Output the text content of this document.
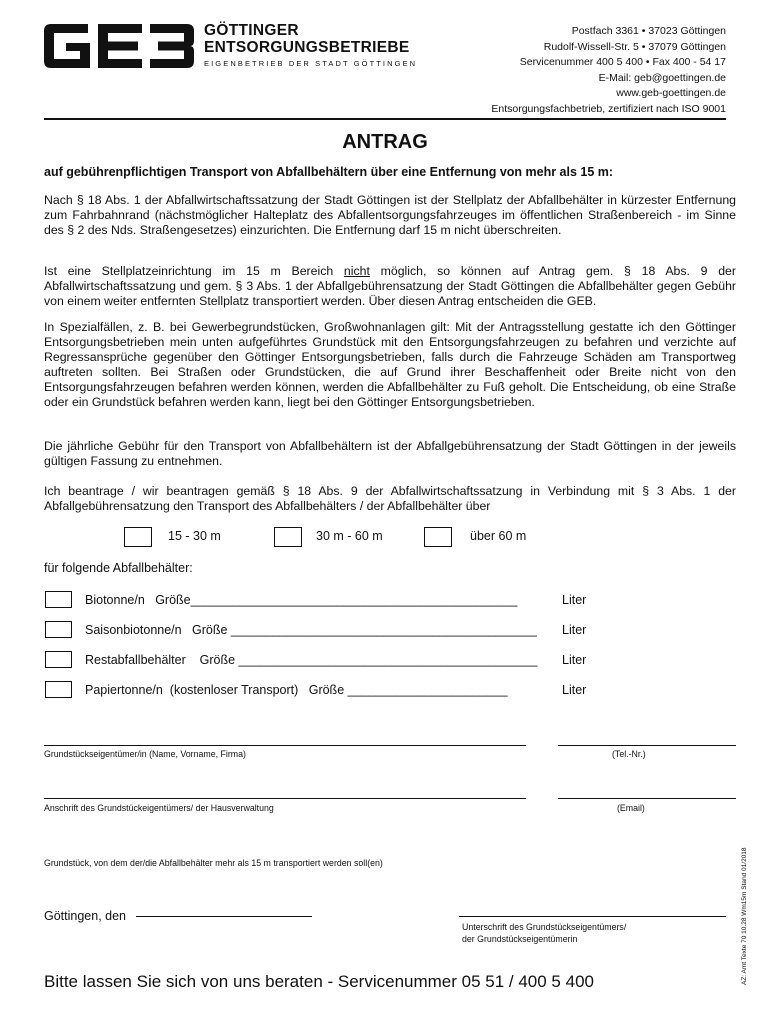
GÖTTINGER
ENTSORGUNGSBETRIEBE
EIGENBETRIEB DER STADT GÖTTINGEN
Postfach 3361 • 37023 Göttingen
Rudolf-Wissell-Str. 5 • 37079 Göttingen
Servicenummer 400 5 400 • Fax 400 - 54 17
E-Mail: geb@goettingen.de
www.geb-goettingen.de
Entsorgungsfachbetrieb, zertifiziert nach ISO 9001
ANTRAG
auf gebührenpflichtigen Transport von Abfallbehältern über eine Entfernung von mehr als 15 m:
Nach § 18 Abs. 1 der Abfallwirtschaftssatzung der Stadt Göttingen ist der Stellplatz der Abfallbehälter in kürzester Entfernung zum Fahrbahnrand (nächstmöglicher Halteplatz des Abfallentsorgungsfahrzeuges im öffentlichen Straßenbereich - im Sinne des § 2 des Nds. Straßengesetzes) einzurichten. Die Entfernung darf 15 m nicht überschreiten.
Ist eine Stellplatzeinrichtung im 15 m Bereich nicht möglich, so können auf Antrag gem. § 18 Abs. 9 der Abfallwirtschaftssatzung und gem. § 3 Abs. 1 der Abfallgebührensatzung der Stadt Göttingen die Abfallbehälter gegen Gebühr von einem weiter entfernten Stellplatz transportiert werden. Über diesen Antrag entscheiden die GEB.
In Spezialfällen, z. B. bei Gewerbegrundstücken, Großwohnanlagen gilt: Mit der Antragsstellung gestatte ich den Göttinger Entsorgungsbetrieben mein unten aufgeführtes Grundstück mit den Entsorgungsfahrzeugen zu befahren und verzichte auf Regressansprüche gegenüber den Göttinger Entsorgungsbetrieben, falls durch die Fahrzeuge Schäden am Transportweg auftreten sollten. Bei Straßen oder Grundstücken, die auf Grund ihrer Beschaffenheit oder Breite nicht von den Entsorgungsfahrzeugen befahren werden können, werden die Abfallbehälter zu Fuß geholt. Die Entscheidung, ob eine Straße oder ein Grundstück befahren werden kann, liegt bei den Göttinger Entsorgungsbetrieben.
Die jährliche Gebühr für den Transport von Abfallbehältern ist der Abfallgebührensatzung der Stadt Göttingen in der jeweils gültigen Fassung zu entnehmen.
Ich beantrage / wir beantragen gemäß § 18 Abs. 9 der Abfallwirtschaftssatzung in Verbindung mit § 3 Abs. 1 der Abfallgebührensatzung den Transport des Abfallbehälters / der Abfallbehälter über
15 - 30 m	30 m - 60 m	über 60 m
für folgende Abfallbehälter:
Biotonne/n   Größe_______________________________________________	Liter
Saisonbiotonne/n   Größe ____________________________________________ Liter
Restabfallbehälter    Größe ___________________________________________ Liter
Papiertonne/n  (kostenloser Transport)   Größe _______________________	Liter
Grundstückseigentümer/in (Name, Vorname, Firma)	(Tel.-Nr.)
Anschrift des Grundstückeigentümers/ der Hausverwaltung	(Email)
Grundstück, von dem der/die Abfallbehälter mehr als 15 m transportiert werden soll(en)
Göttingen, den
Unterschrift des Grundstückseigentümers/
der Grundstückseigentümerin
Bitte lassen Sie sich von uns beraten - Servicenummer 05 51 / 400 5 400	AZ: Amt Texte 70 10.28 Wm15m Stand 01/2018
